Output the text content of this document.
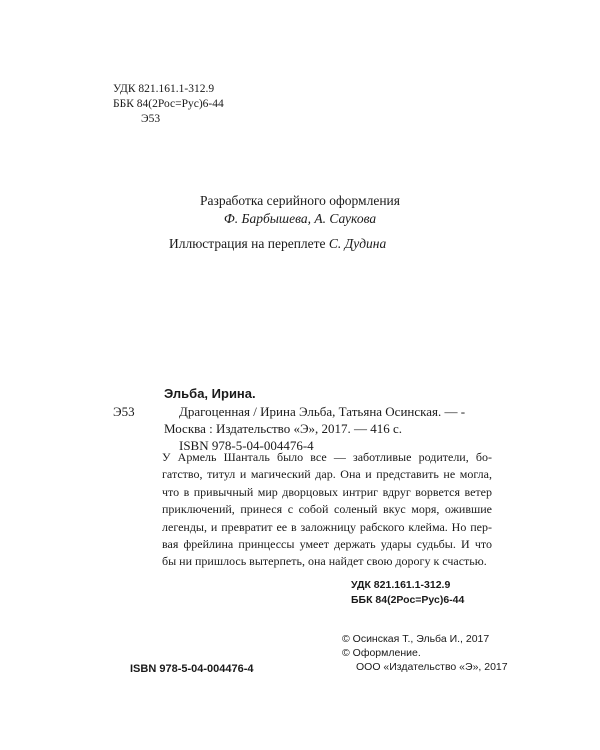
УДК 821.161.1-312.9
ББК 84(2Рос=Рус)6-44
Э53
Разработка серийного оформления
Ф. Барбышева, А. Саукова
Иллюстрация на переплете С. Дудина
Эльба, Ирина.
Э53	Драгоценная / Ирина Эльба, Татьяна Осинская. — -
Москва : Издательство «Э», 2017. — 416 с.
ISBN 978-5-04-004476-4
У Армель Шанталь было все — заботливые родители, бо-
гатство, титул и магический дар. Она и представить не могла,
что в привычный мир дворцовых интриг вдруг ворвется ветер
приключений, принеся с собой соленый вкус моря, ожившие
легенды, и превратит ее в заложницу рабского клейма. Но пер-
вая фрейлина принцессы умеет держать удары судьбы. И что
бы ни пришлось вытерпеть, она найдет свою дорогу к счастью.
УДК 821.161.1-312.9
ББК 84(2Рос=Рус)6-44
ISBN 978-5-04-004476-4
© Осинская Т., Эльба И., 2017
© Оформление.
ООО «Издательство «Э», 2017
